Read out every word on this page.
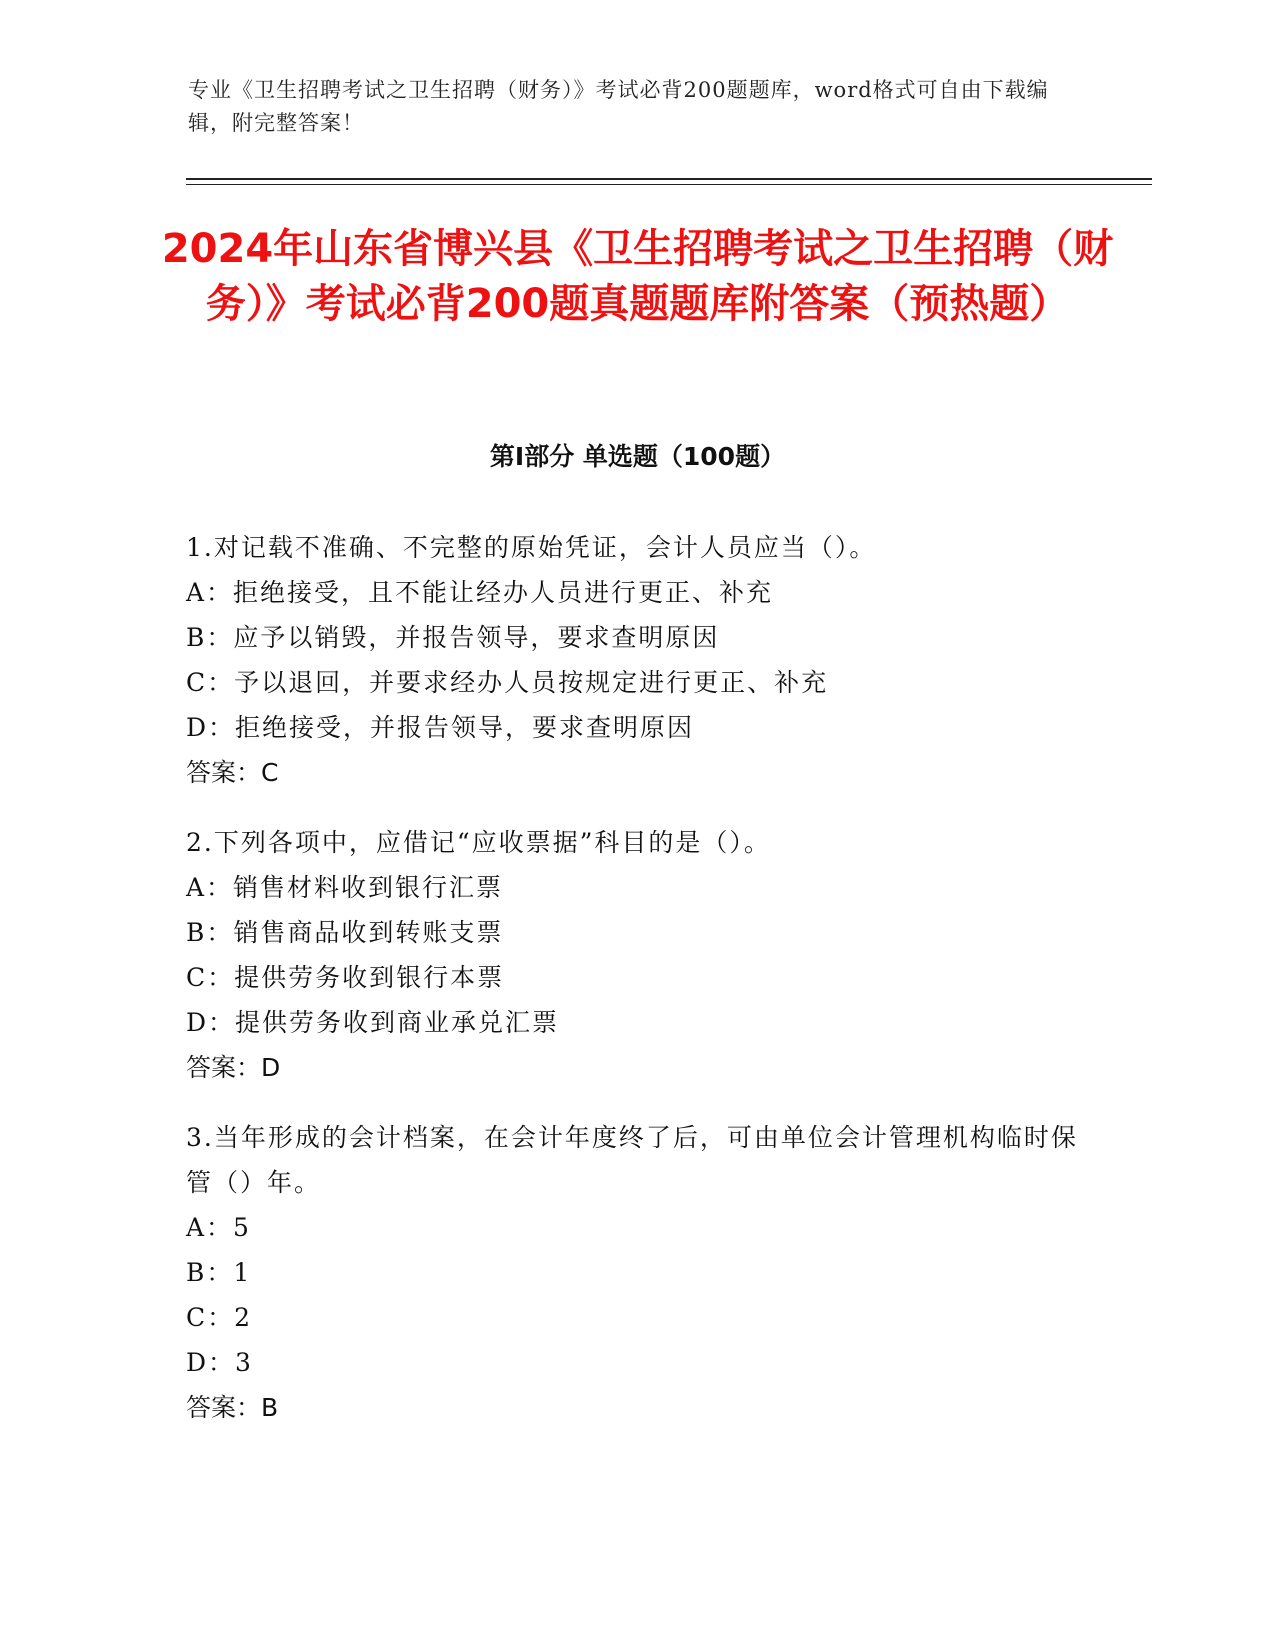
专业《卫生招聘考试之卫生招聘（财务）》考试必背200题题库，word格式可自由下载编辑，附完整答案！
2024年山东省博兴县《卫生招聘考试之卫生招聘（财务）》考试必背200题真题题库附答案（预热题）
第Ⅰ部分 单选题（100题）
1.对记载不准确、不完整的原始凭证，会计人员应当（）。
A：拒绝接受，且不能让经办人员进行更正、补充
B：应予以销毁，并报告领导，要求查明原因
C：予以退回，并要求经办人员按规定进行更正、补充
D：拒绝接受，并报告领导，要求查明原因
答案：C
2.下列各项中，应借记“应收票据”科目的是（）。
A：销售材料收到银行汇票
B：销售商品收到转账支票
C：提供劳务收到银行本票
D：提供劳务收到商业承兑汇票
答案：D
3.当年形成的会计档案，在会计年度终了后，可由单位会计管理机构临时保管（）年。
A：5
B：1
C：2
D：3
答案：B
